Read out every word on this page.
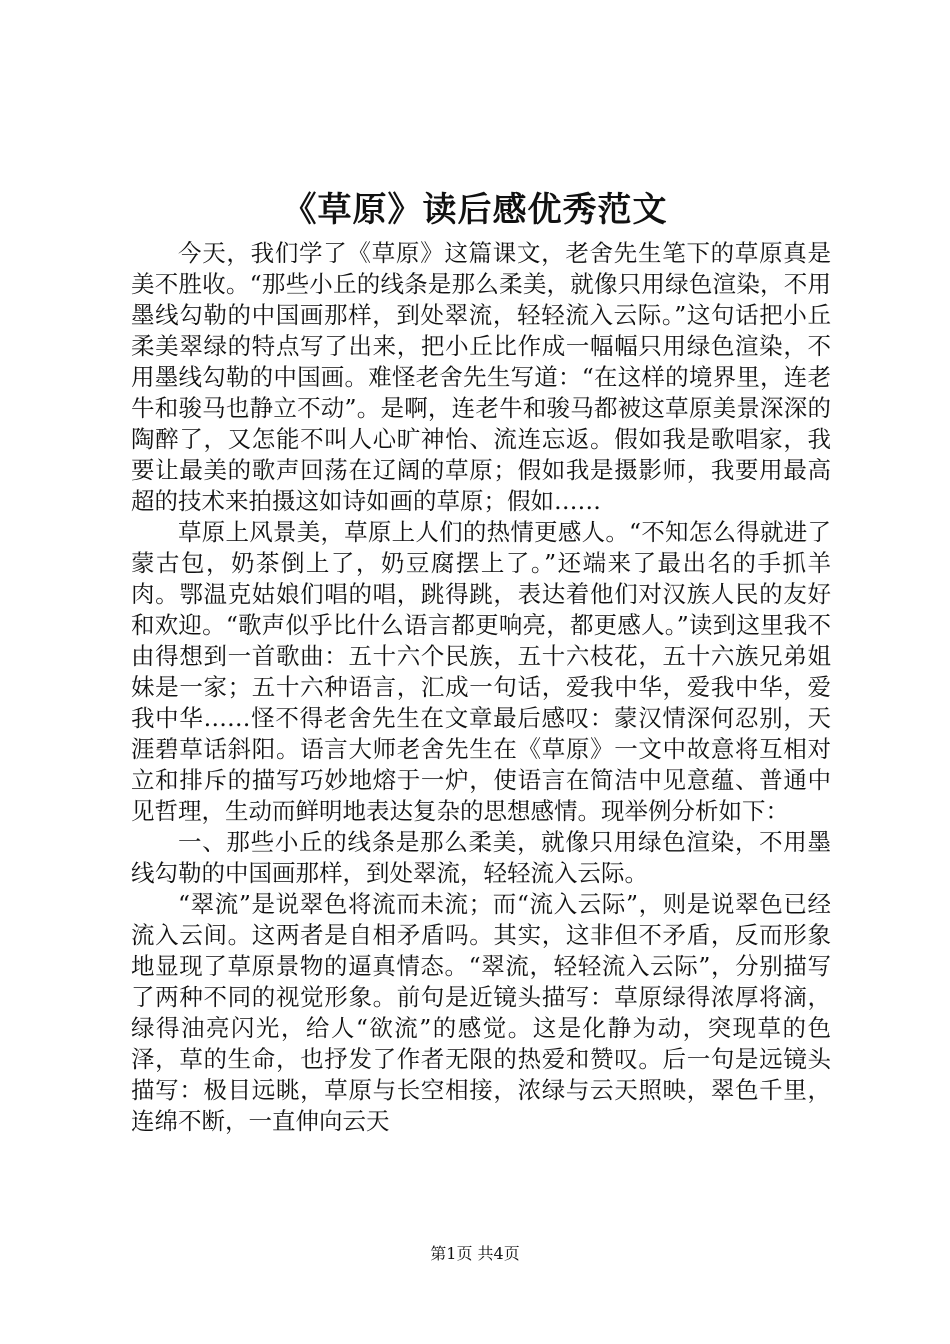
《草原》读后感优秀范文

今天，我们学了《草原》这篇课文，老舍先生笔下的草原真是美不胜收。“那些小丘的线条是那么柔美，就像只用绿色渲染，不用墨线勾勒的中国画那样，到处翠流，轻轻流入云际。”这句话把小丘柔美翠绿的特点写了出来，把小丘比作成一幅幅只用绿色渲染，不用墨线勾勒的中国画。难怪老舍先生写道：“在这样的境界里，连老牛和骏马也静立不动”。是啊，连老牛和骏马都被这草原美景深深的陶醉了，又怎能不叫人心旷神怡、流连忘返。假如我是歌唱家，我要让最美的歌声回荡在辽阔的草原；假如我是摄影师，我要用最高超的技术来拍摄这如诗如画的草原；假如……

草原上风景美，草原上人们的热情更感人。“不知怎么得就进了蒙古包，奶茶倒上了，奶豆腐摆上了。”还端来了最出名的手抓羊肉。鄂温克姑娘们唱的唱，跳得跳，表达着他们对汉族人民的友好和欢迎。“歌声似乎比什么语言都更响亮，都更感人。”读到这里我不由得想到一首歌曲：五十六个民族，五十六枝花，五十六族兄弟姐妹是一家；五十六种语言，汇成一句话，爱我中华，爱我中华，爱我中华……怪不得老舍先生在文章最后感叹：蒙汉情深何忍别，天涯碧草话斜阳。语言大师老舍先生在《草原》一文中故意将互相对立和排斥的描写巧妙地熔于一炉，使语言在简洁中见意蕴、普通中见哲理，生动而鲜明地表达复杂的思想感情。现举例分析如下：

一、那些小丘的线条是那么柔美，就像只用绿色渲染，不用墨线勾勒的中国画那样，到处翠流，轻轻流入云际。

“翠流”是说翠色将流而未流；而“流入云际”，则是说翠色已经流入云间。这两者是自相矛盾吗。其实，这非但不矛盾，反而形象地显现了草原景物的逼真情态。“翠流，轻轻流入云际”，分别描写了两种不同的视觉形象。前句是近镜头描写：草原绿得浓厚将滴，绿得油亮闪光，给人“欲流”的感觉。这是化静为动，突现草的色泽，草的生命，也抒发了作者无限的热爱和赞叹。后一句是远镜头描写：极目远眺，草原与长空相接，浓绿与云天照映，翠色千里，连绵不断，一直伸向云天

第1页 共4页
